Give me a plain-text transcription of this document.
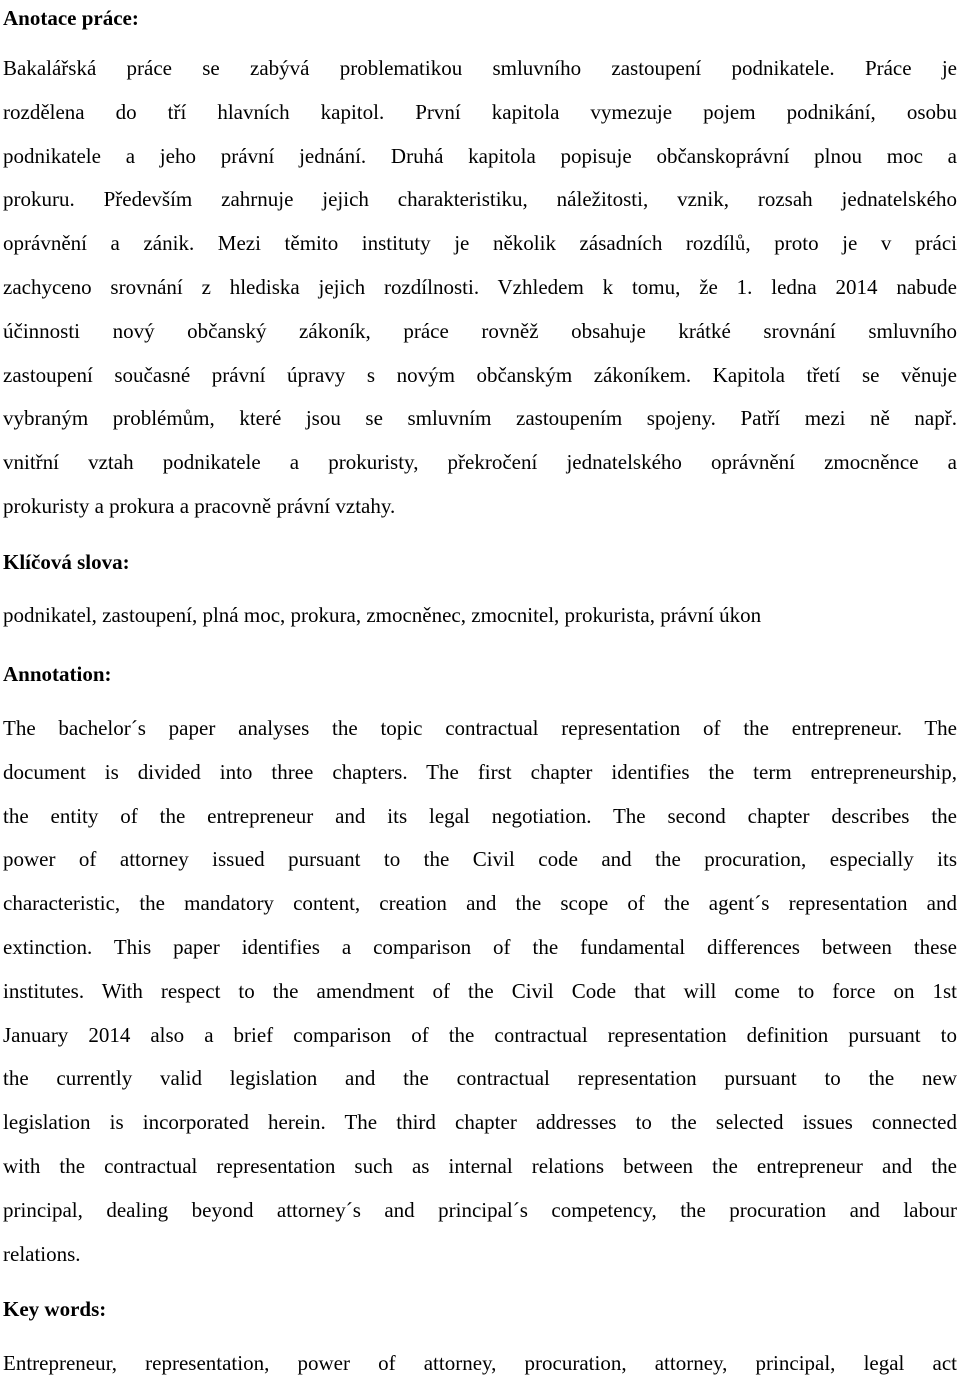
Anotace práce:
Bakalářská práce se zabývá problematikou smluvního zastoupení podnikatele. Práce je
rozdělena do tří hlavních kapitol. První kapitola vymezuje pojem podnikání, osobu
podnikatele a jeho právní jednání. Druhá kapitola popisuje občanskoprávní plnou moc a
prokuru. Především zahrnuje jejich charakteristiku, náležitosti, vznik, rozsah jednatelského
oprávnění a zánik. Mezi těmito instituty je několik zásadních rozdílů, proto je v práci
zachyceno srovnání z hlediska jejich rozdílnosti. Vzhledem k tomu, že 1. ledna 2014 nabude
účinnosti nový občanský zákoník, práce rovněž obsahuje krátké srovnání smluvního
zastoupení současné právní úpravy s novým občanským zákoníkem. Kapitola třetí se věnuje
vybraným problémům, které jsou se smluvním zastoupením spojeny. Patří mezi ně např.
vnitřní vztah podnikatele a prokuristy, překročení jednatelského oprávnění zmocněnce a
prokuristy a prokura a pracovně právní vztahy.
Klíčová slova:
podnikatel, zastoupení, plná moc, prokura, zmocněnec, zmocnitel, prokurista, právní úkon
Annotation:
The bachelor´s paper analyses the topic contractual representation of the entrepreneur. The
document is divided into three chapters. The first chapter identifies the term entrepreneurship,
the entity of the entrepreneur and its legal negotiation. The second chapter describes the
power of attorney issued pursuant to the Civil code and the procuration, especially its
characteristic, the mandatory content, creation and the scope of the agent´s representation and
extinction. This paper identifies a comparison of the fundamental differences between these
institutes. With respect to the amendment of the Civil Code that will come to force on 1st
January 2014 also a brief comparison of the contractual representation definition pursuant to
the currently valid legislation and the contractual representation pursuant to the new
legislation is incorporated herein. The third chapter addresses to the selected issues connected
with the contractual representation such as internal relations between the entrepreneur and the
principal, dealing beyond attorney´s and principal´s competency, the procuration and labour
relations.
Key words:
Entrepreneur, representation, power of attorney, procuration, attorney, principal, legal act
